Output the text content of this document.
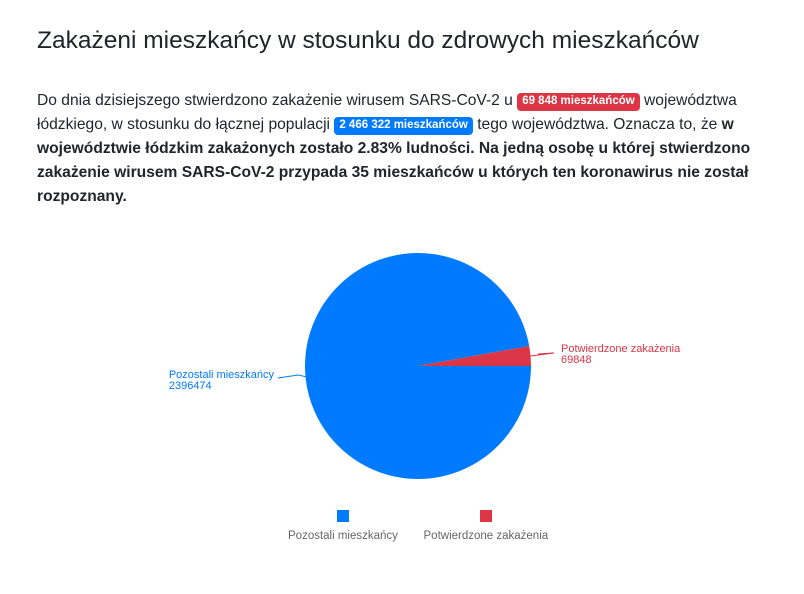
Zakażeni mieszkańcy w stosunku do zdrowych mieszkańców

Do dnia dzisiejszego stwierdzono zakażenie wirusem SARS-CoV-2 u 69 848 mieszkańców województwa łódzkiego, w stosunku do łącznej populacji 2 466 322 mieszkańców tego województwa. Oznacza to, że w województwie łódzkim zakażonych zostało 2.83% ludności. Na jedną osobę u której stwierdzono zakażenie wirusem SARS-CoV-2 przypada 35 mieszkańców u których ten koronawirus nie został rozpoznany.

Pozostali mieszkańcy
2396474
Potwierdzone zakażenia
69848
Pozostali mieszkańcy Potwierdzone zakażenia
